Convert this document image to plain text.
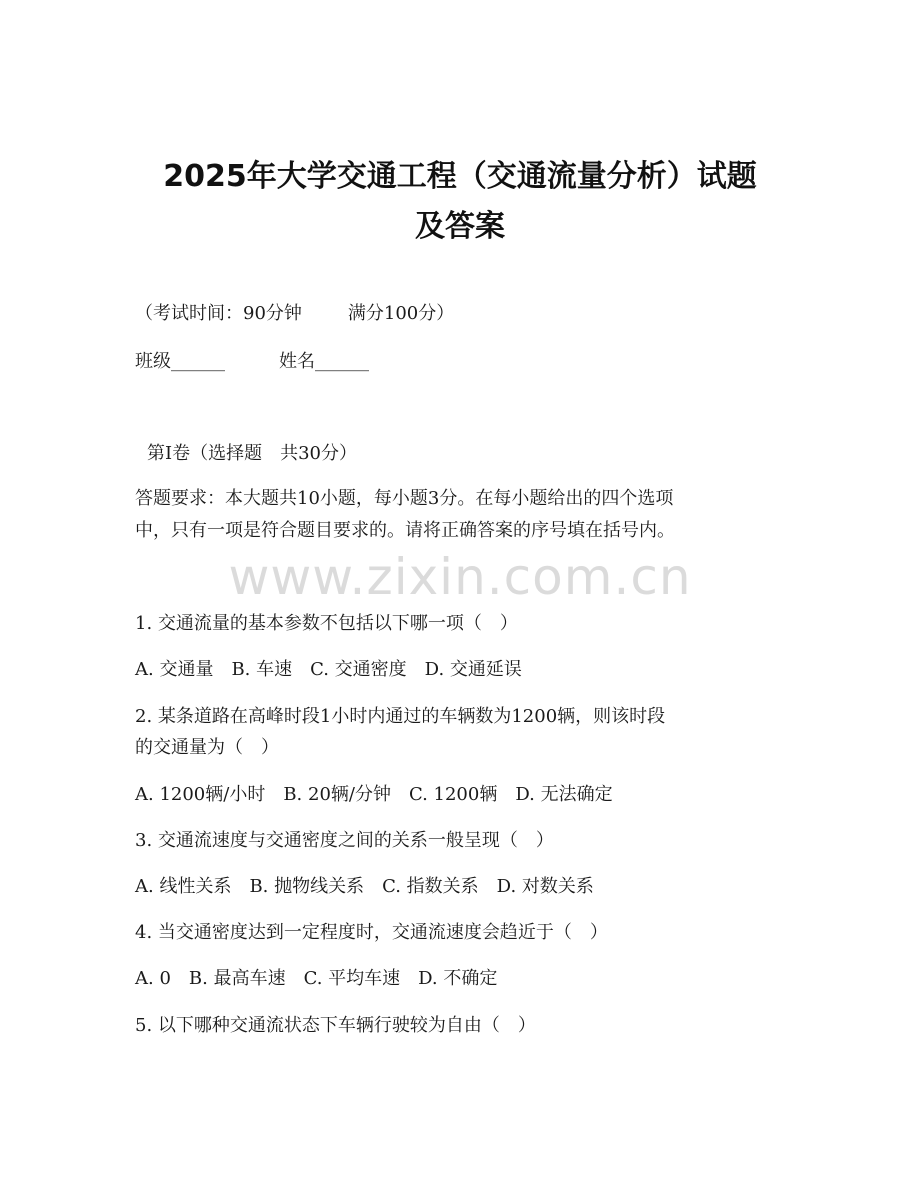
2025年大学交通工程（交通流量分析）试题
及答案
（考试时间：90分钟	满分100分）
班级______	姓名______
第Ⅰ卷（选择题　共30分）
答题要求：本大题共10小题，每小题3分。在每小题给出的四个选项
中，只有一项是符合题目要求的。请将正确答案的序号填在括号内。
www.zixin.com.cn
1. 交通流量的基本参数不包括以下哪一项（　）
A. 交通量　B. 车速　C. 交通密度　D. 交通延误
2. 某条道路在高峰时段1小时内通过的车辆数为1200辆，则该时段
的交通量为（　）
A. 1200辆/小时　B. 20辆/分钟　C. 1200辆　D. 无法确定
3. 交通流速度与交通密度之间的关系一般呈现（　）
A. 线性关系　B. 抛物线关系　C. 指数关系　D. 对数关系
4. 当交通密度达到一定程度时，交通流速度会趋近于（　）
A. 0　B. 最高车速　C. 平均车速　D. 不确定
5. 以下哪种交通流状态下车辆行驶较为自由（　）
